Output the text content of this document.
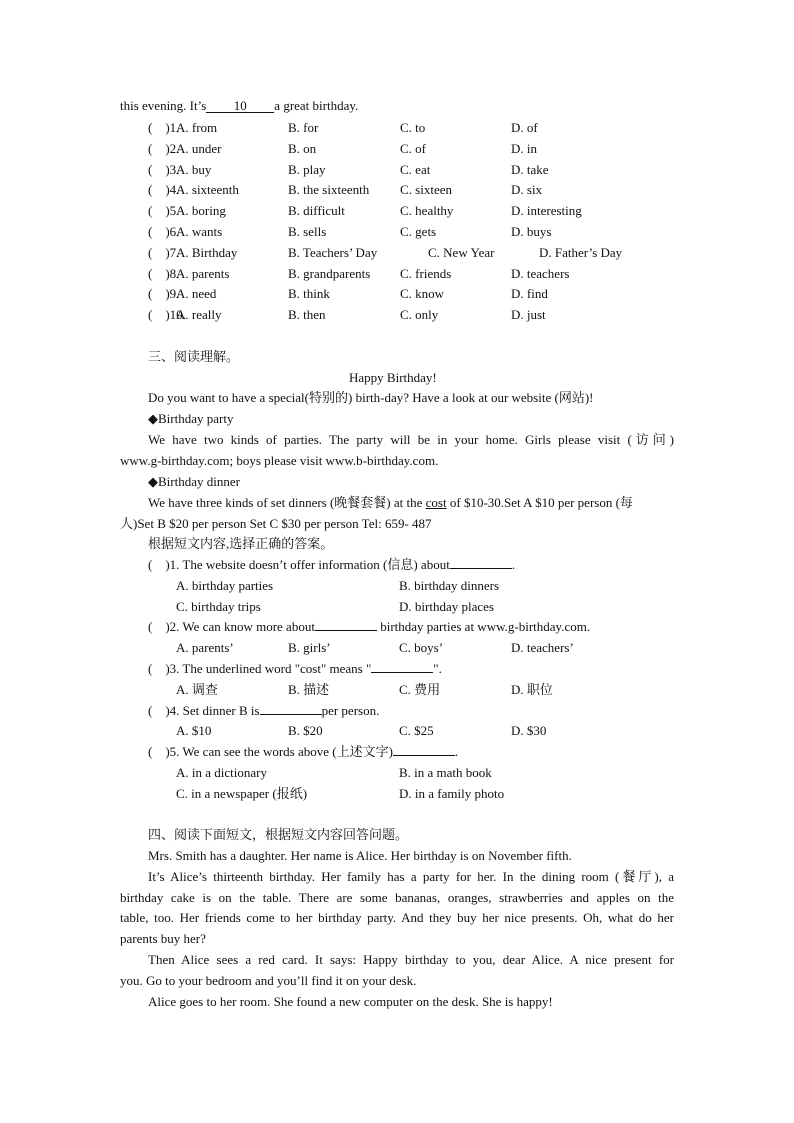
this evening. It’s 10 a great birthday.
(    )1.
A. from	B. for	C. to	D. of
(    )2.
A. under	B. on	C. of	D. in
(    )3.
A. buy	B. play	C. eat	D. take
(    )4.
A. sixteenth	B. the sixteenth C. sixteen	D. six
(    )5.
A. boring	B. difficult	C. healthy	D. interesting
(    )6.
A. wants	B. sells	C. gets	D. buys
(    )7.
A. Birthday	B. Teachers’ Day	C. New Year	D. Father’s Day
(    )8.
A. parents	B. grandparents C. friends	D. teachers
(    )9.
A. need	B. think	C. know	D. find
(    )10.
A. really	B. then	C. only	D. just
三、阅读理解。
Happy Birthday!
Do you want to have a special(特别的) birth-day? Have a look at our website (网站)!
◆Birthday party
We have two kinds of parties. The party will be in your home. Girls please visit (访问)
www.g-birthday.com; boys please visit www.b-birthday.com.
◆Birthday dinner
We have three kinds of set dinners (晚餐套餐) at the cost of $10-30.Set A $10 per person (每
人)Set B $20 per person Set C $30 per person Tel: 659- 487
根据短文内容,选择正确的答案。
(    )1. The website doesn’t offer information (信息) about	.
A. birthday parties	B. birthday dinners
C. birthday trips	D. birthday places
(    )2. We can know more about	birthday parties at www.g-birthday.com.
A. parents’	B. girls’	C. boys’	D. teachers’
(    )3. The underlined word "cost" means "	".
A. 调查	B. 描述	C. 费用	D. 职位
(    )4. Set dinner B is	per person.
A. $10	B. $20	C. $25	D. $30
(    )5. We can see the words above (上述文字)	.
A. in a dictionary	B. in a math book
C. in a newspaper (报纸)	D. in a family photo
四、阅读下面短文，根据短文内容回答问题。
Mrs. Smith has a daughter. Her name is Alice. Her birthday is on November fifth.
It’s Alice’s thirteenth birthday. Her family has a party for her. In the dining room (餐厅), a
birthday cake is on the table. There are some bananas, oranges, strawberries and apples on the
table, too. Her friends come to her birthday party. And they buy her nice presents. Oh, what do her
parents buy her?
Then Alice sees a red card. It says: Happy birthday to you, dear Alice. A nice present for
you. Go to your bedroom and you’ll find it on your desk.
Alice goes to her room. She found a new computer on the desk. She is happy!
